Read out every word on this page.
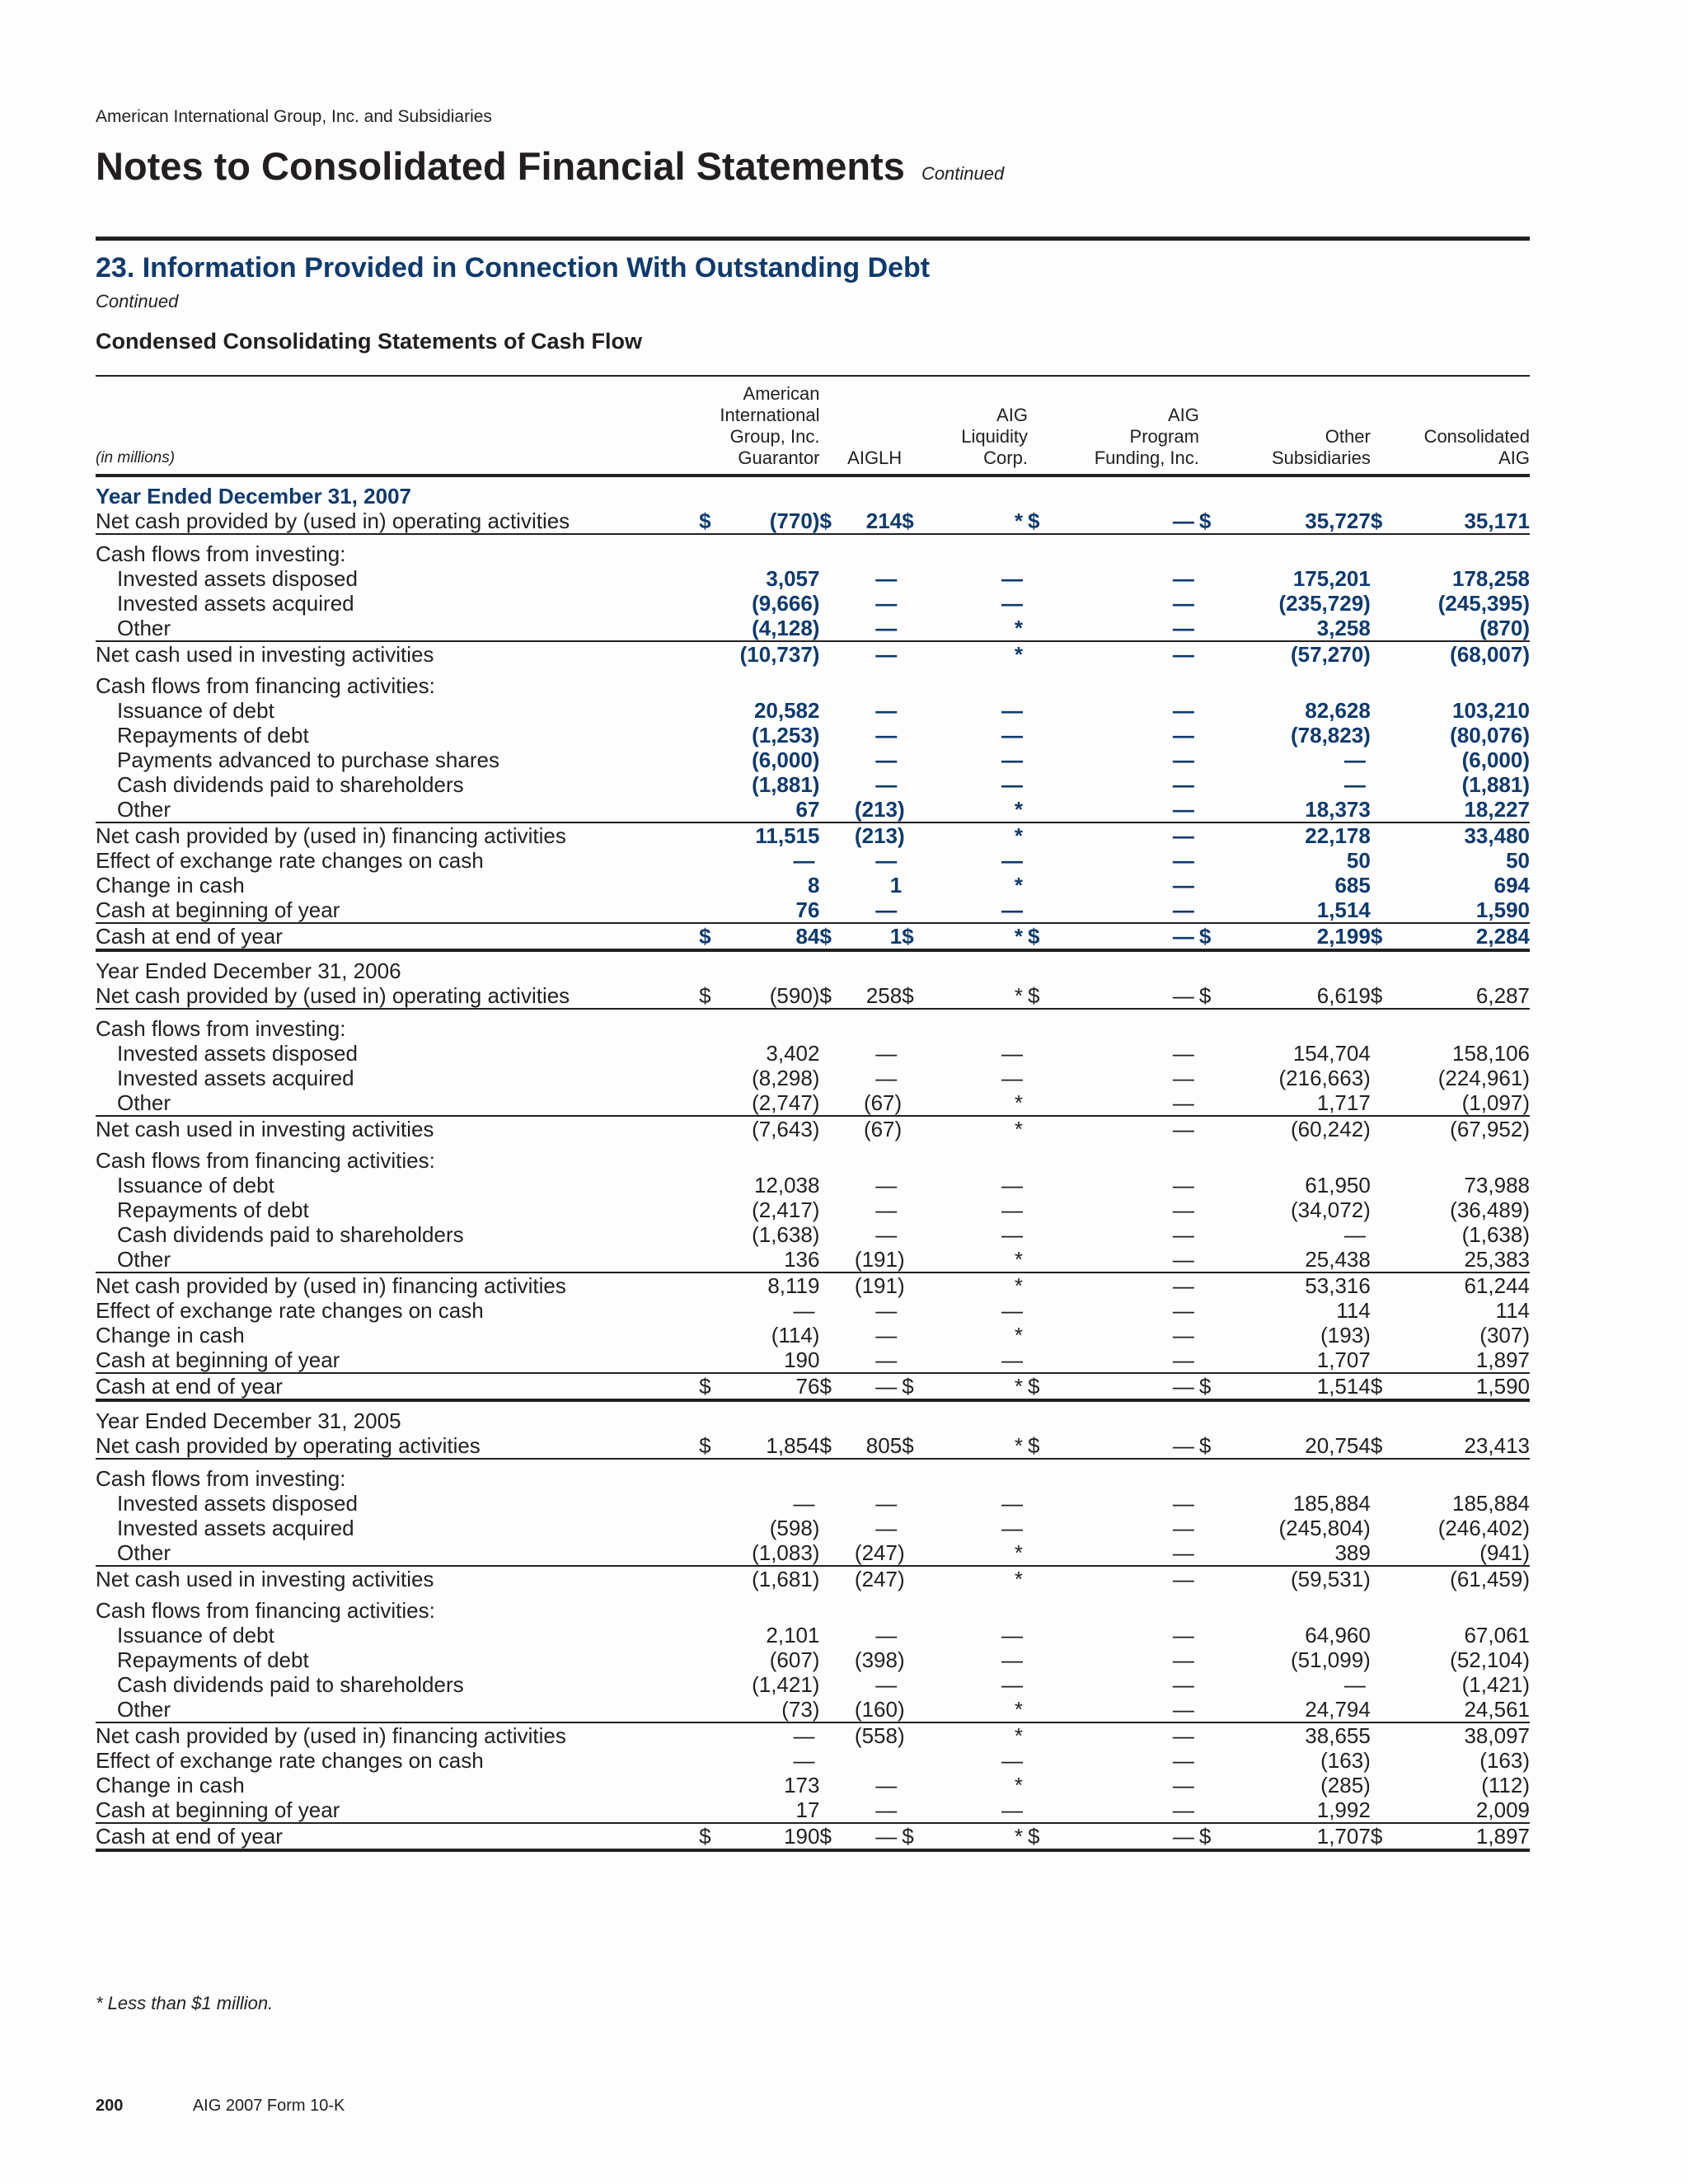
American International Group, Inc. and Subsidiaries

Notes to Consolidated Financial Statements Continued
23. Information Provided in Connection With Outstanding Debt
Continued
Condensed Consolidating Statements of Cash Flow
(in millions)	American
International
Group, Inc.
Guarantor		AIGLH		AIG
Liquidity
Corp.		AIG
Program
Funding, Inc.		Other
Subsidiaries		Consolidated
AIG	
Year Ended December 31, 2007												
Net cash provided by (used in) operating activities	$	(770)	$	214	$	*	$	—	$	35,727	$	35,171
Cash flows from investing:												
Invested assets disposed		3,057		—		—		—		175,201		178,258
Invested assets acquired		(9,666)		—		—		—		(235,729)		(245,395)
Other		(4,128)		—		*		—		3,258		(870)
Net cash used in investing activities		(10,737)		—		*		—		(57,270)		(68,007)
Cash flows from financing activities:												
Issuance of debt		20,582		—		—		—		82,628		103,210
Repayments of debt		(1,253)		—		—		—		(78,823)		(80,076)
Payments advanced to purchase shares		(6,000)		—		—		—		—		(6,000)
Cash dividends paid to shareholders		(1,881)		—		—		—		—		(1,881)
Other		67		(213)		*		—		18,373		18,227
Net cash provided by (used in) financing activities		11,515		(213)		*		—		22,178		33,480
Effect of exchange rate changes on cash		—		—		—		—		50		50
Change in cash		8		1		*		—		685		694
Cash at beginning of year		76		—		—		—		1,514		1,590
Cash at end of year	$	84	$	1	$	*	$	—	$	2,199	$	2,284
Year Ended December 31, 2006												
Net cash provided by (used in) operating activities	$	(590)	$	258	$	*	$	—	$	6,619	$	6,287
Cash flows from investing:												
Invested assets disposed		3,402		—		—		—		154,704		158,106
Invested assets acquired		(8,298)		—		—		—		(216,663)		(224,961)
Other		(2,747)		(67)		*		—		1,717		(1,097)
Net cash used in investing activities		(7,643)		(67)		*		—		(60,242)		(67,952)
Cash flows from financing activities:												
Issuance of debt		12,038		—		—		—		61,950		73,988
Repayments of debt		(2,417)		—		—		—		(34,072)		(36,489)
Cash dividends paid to shareholders		(1,638)		—		—		—		—		(1,638)
Other		136		(191)		*		—		25,438		25,383
Net cash provided by (used in) financing activities		8,119		(191)		*		—		53,316		61,244
Effect of exchange rate changes on cash		—		—		—		—		114		114
Change in cash		(114)		—		*		—		(193)		(307)
Cash at beginning of year		190		—		—		—		1,707		1,897
Cash at end of year	$	76	$	—	$	*	$	—	$	1,514	$	1,590
Year Ended December 31, 2005												
Net cash provided by operating activities	$	1,854	$	805	$	*	$	—	$	20,754	$	23,413
Cash flows from investing:												
Invested assets disposed		—		—		—		—		185,884		185,884
Invested assets acquired		(598)		—		—		—		(245,804)		(246,402)
Other		(1,083)		(247)		*		—		389		(941)
Net cash used in investing activities		(1,681)		(247)		*		—		(59,531)		(61,459)
Cash flows from financing activities:												
Issuance of debt		2,101		—		—		—		64,960		67,061
Repayments of debt		(607)		(398)		—		—		(51,099)		(52,104)
Cash dividends paid to shareholders		(1,421)		—		—		—		—		(1,421)
Other		(73)		(160)		*		—		24,794		24,561
Net cash provided by (used in) financing activities		—		(558)		*		—		38,655		38,097
Effect of exchange rate changes on cash		—				—		—		(163)		(163)
Change in cash		173		—		*		—		(285)		(112)
Cash at beginning of year		17		—		—		—		1,992		2,009
Cash at end of year	$	190	$	—	$	*	$	—	$	1,707	$	1,897
* Less than $1 million.
200	AIG 2007 Form 10-K
